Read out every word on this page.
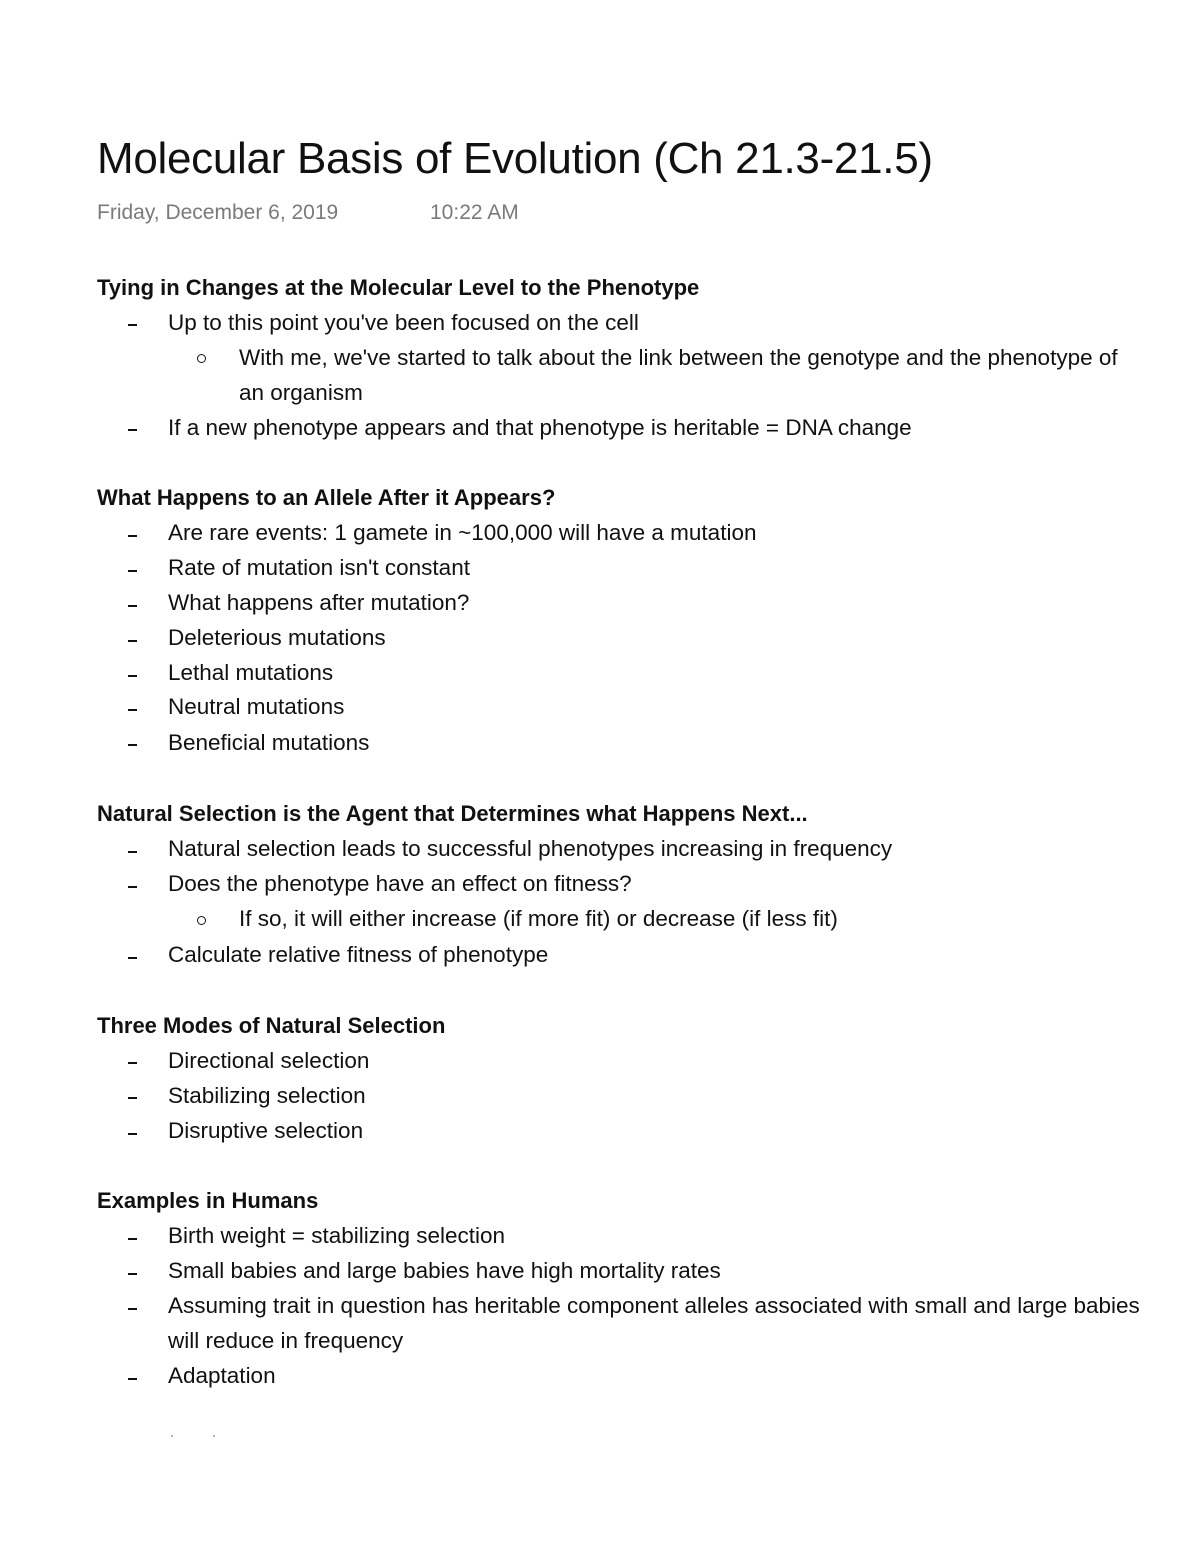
Molecular Basis of Evolution (Ch 21.3-21.5)
Friday, December 6, 2019	10:22 AM
Tying in Changes at the Molecular Level to the Phenotype
Up to this point you've been focused on the cell
With me, we've started to talk about the link between the genotype and the phenotype of
an organism
If a new phenotype appears and that phenotype is heritable = DNA change
What Happens to an Allele After it Appears?
Are rare events: 1 gamete in ~100,000 will have a mutation
Rate of mutation isn't constant
What happens after mutation?
Deleterious mutations
Lethal mutations
Neutral mutations
Beneficial mutations
Natural Selection is the Agent that Determines what Happens Next...
Natural selection leads to successful phenotypes increasing in frequency
Does the phenotype have an effect on fitness?
If so, it will either increase (if more fit) or decrease (if less fit)
Calculate relative fitness of phenotype
Three Modes of Natural Selection
Directional selection
Stabilizing selection
Disruptive selection
Examples in Humans
Birth weight = stabilizing selection
Small babies and large babies have high mortality rates
Assuming trait in question has heritable component alleles associated with small and large babies
will reduce in frequency
Adaptation
